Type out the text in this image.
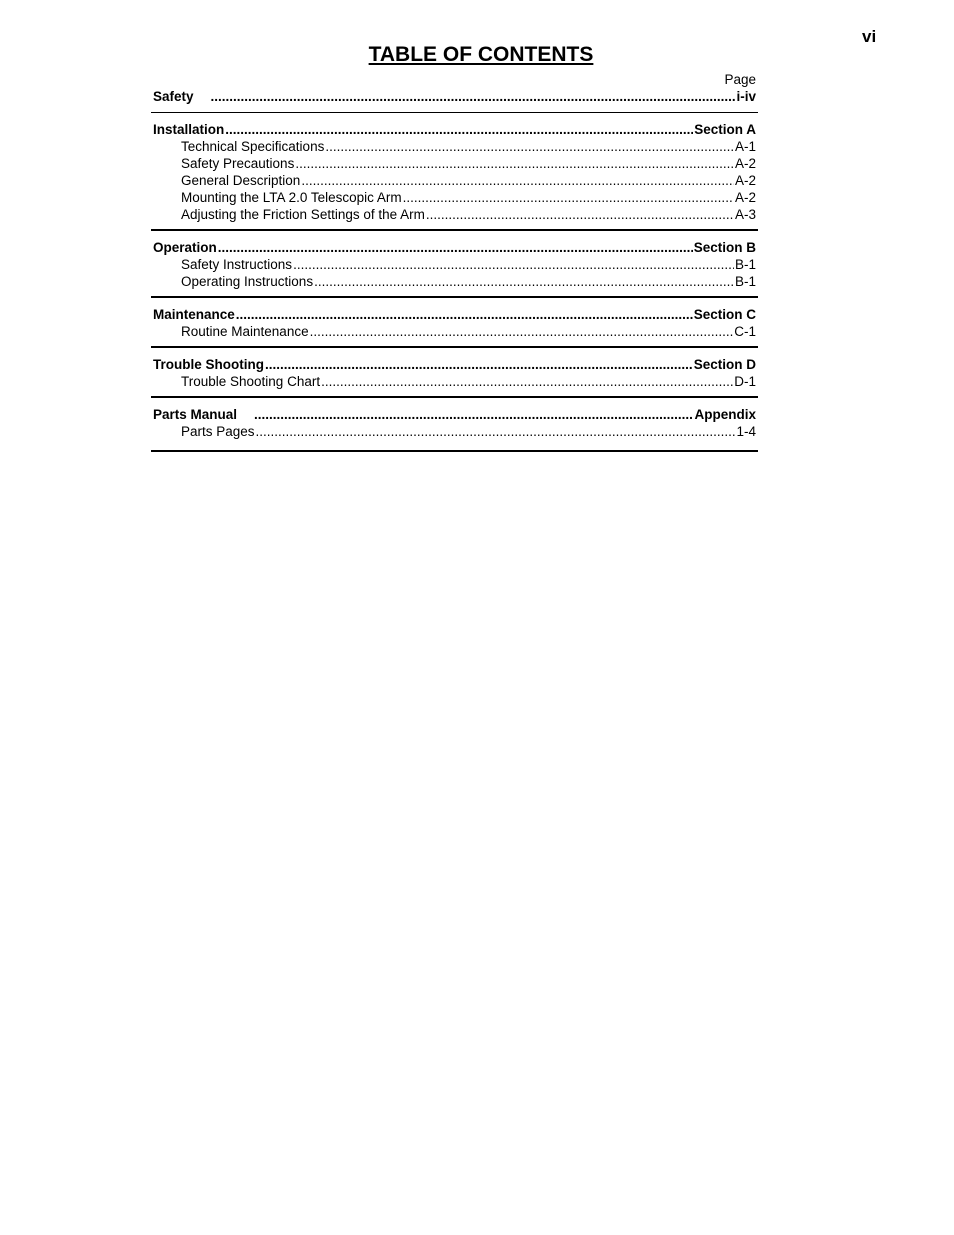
vi
TABLE OF CONTENTS
Page
Safety .....	i-iv
Installation .....	Section A
Technical Specifications .....	A-1
Safety Precautions .....	A-2
General Description .....	A-2
Mounting the LTA 2.0 Telescopic Arm .....	A-2
Adjusting the Friction Settings of the Arm .....	A-3
Operation .....	Section B
Safety Instructions .....	B-1
Operating Instructions .....	B-1
Maintenance .....	Section C
Routine Maintenance .....	C-1
Trouble Shooting .....	Section D
Trouble Shooting Chart .....	D-1
Parts Manual .....	Appendix
Parts Pages .....	1-4
